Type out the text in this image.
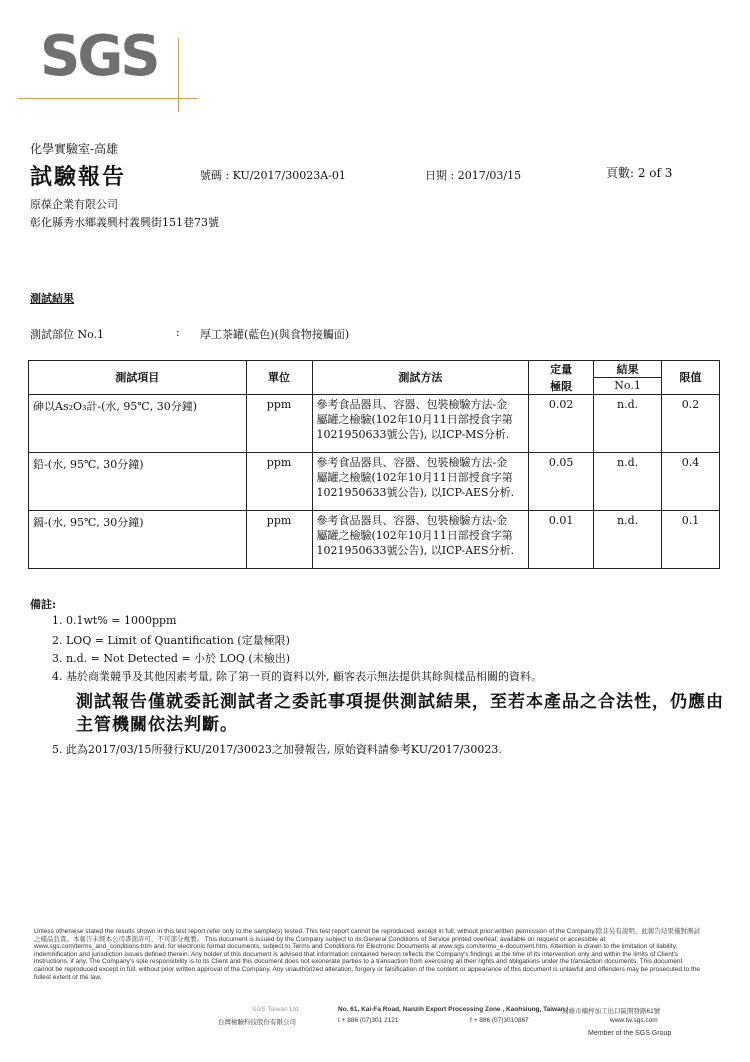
SGS
化學實驗室-高雄
試驗報告	號碼 : KU/2017/30023A-01	日期 : 2017/03/15	頁數: 2 of 3
原葆企業有限公司
彰化縣秀水鄉義興村義興街151巷73號
測試結果
測試部位 No.1	: 厚工茶罐(藍色)(與食物接觸面)
測試項目	單位	測試方法	定量	結果	限值
			極限	No.1	
砷以As₂O₃計-(水, 95℃, 30分鐘)	ppm	參考食品器具、容器、包裝檢驗方法-金
屬罐之檢驗(102年10月11日部授食字第
1021950633號公告), 以ICP-MS分析.	0.02	n.d.	0.2
鉛-(水, 95℃, 30分鐘)	ppm	參考食品器具、容器、包裝檢驗方法-金
屬罐之檢驗(102年10月11日部授食字第
1021950633號公告), 以ICP-AES分析.	0.05	n.d.	0.4
鎘-(水, 95℃, 30分鐘)	ppm	參考食品器具、容器、包裝檢驗方法-金
屬罐之檢驗(102年10月11日部授食字第
1021950633號公告), 以ICP-AES分析.	0.01	n.d.	0.1
備註:
1. 0.1wt% = 1000ppm
2. LOQ = Limit of Quantification (定量極限)
3. n.d. = Not Detected = 小於 LOQ (未檢出)
4. 基於商業競爭及其他因素考量, 除了第一頁的資料以外, 顧客表示無法提供其餘與樣品相關的資料。
測試報告僅就委託測試者之委託事項提供測試結果，至若本產品之合法性，仍應由
主管機關依法判斷。
5. 此為2017/03/15所發行KU/2017/30023之加發報告, 原始資料請參考KU/2017/30023.
Unless otherwise stated the results shown in this test report refer only to the sample(s) tested. This test report cannot be reproduced, except in full, without prior written permission of the Company.除非另有說明，此報告結果僅對測試之樣品負責。本報告未經本公司書面許可，不可部分複製。 This document is issued by the Company subject to its General Conditions of Service printed overleaf, available on request or accessible at www.sgs.com/terms_and_conditions.htm and, for electronic format documents, subject to Terms and Conditions for Electronic Documents at www.sgs.com/terms_e-document.htm. Attention is drawn to the limitation of liability, indemnification and jurisdiction issues defined therein. Any holder of this document is advised that information contained hereon reflects the Company's findings at the time of its intervention only and within the limits of Client's instructions, if any. The Company's sole responsibility is to its Client and this document does not exonerate parties to a transaction from exercising all their rights and obligations under the transaction documents. This document cannot be reproduced except in full, without prior written approval of the Company. Any unauthorized alteration, forgery or falsification of the content or appearance of this document is unlawful and offenders may be prosecuted to the fullest extent of the law.
SGS Taiwan Ltd.
台灣檢驗科技股份有限公司
No. 61, Kai-Fa Road, Nanzih Export Processing Zone , Kaohsiung, Taiwan /
高雄市楠梓加工出口區開發路61號
t + 886 (07)301 2121	f + 886 (07)3010867	www.tw.sgs.com
Member of the SGS Group
